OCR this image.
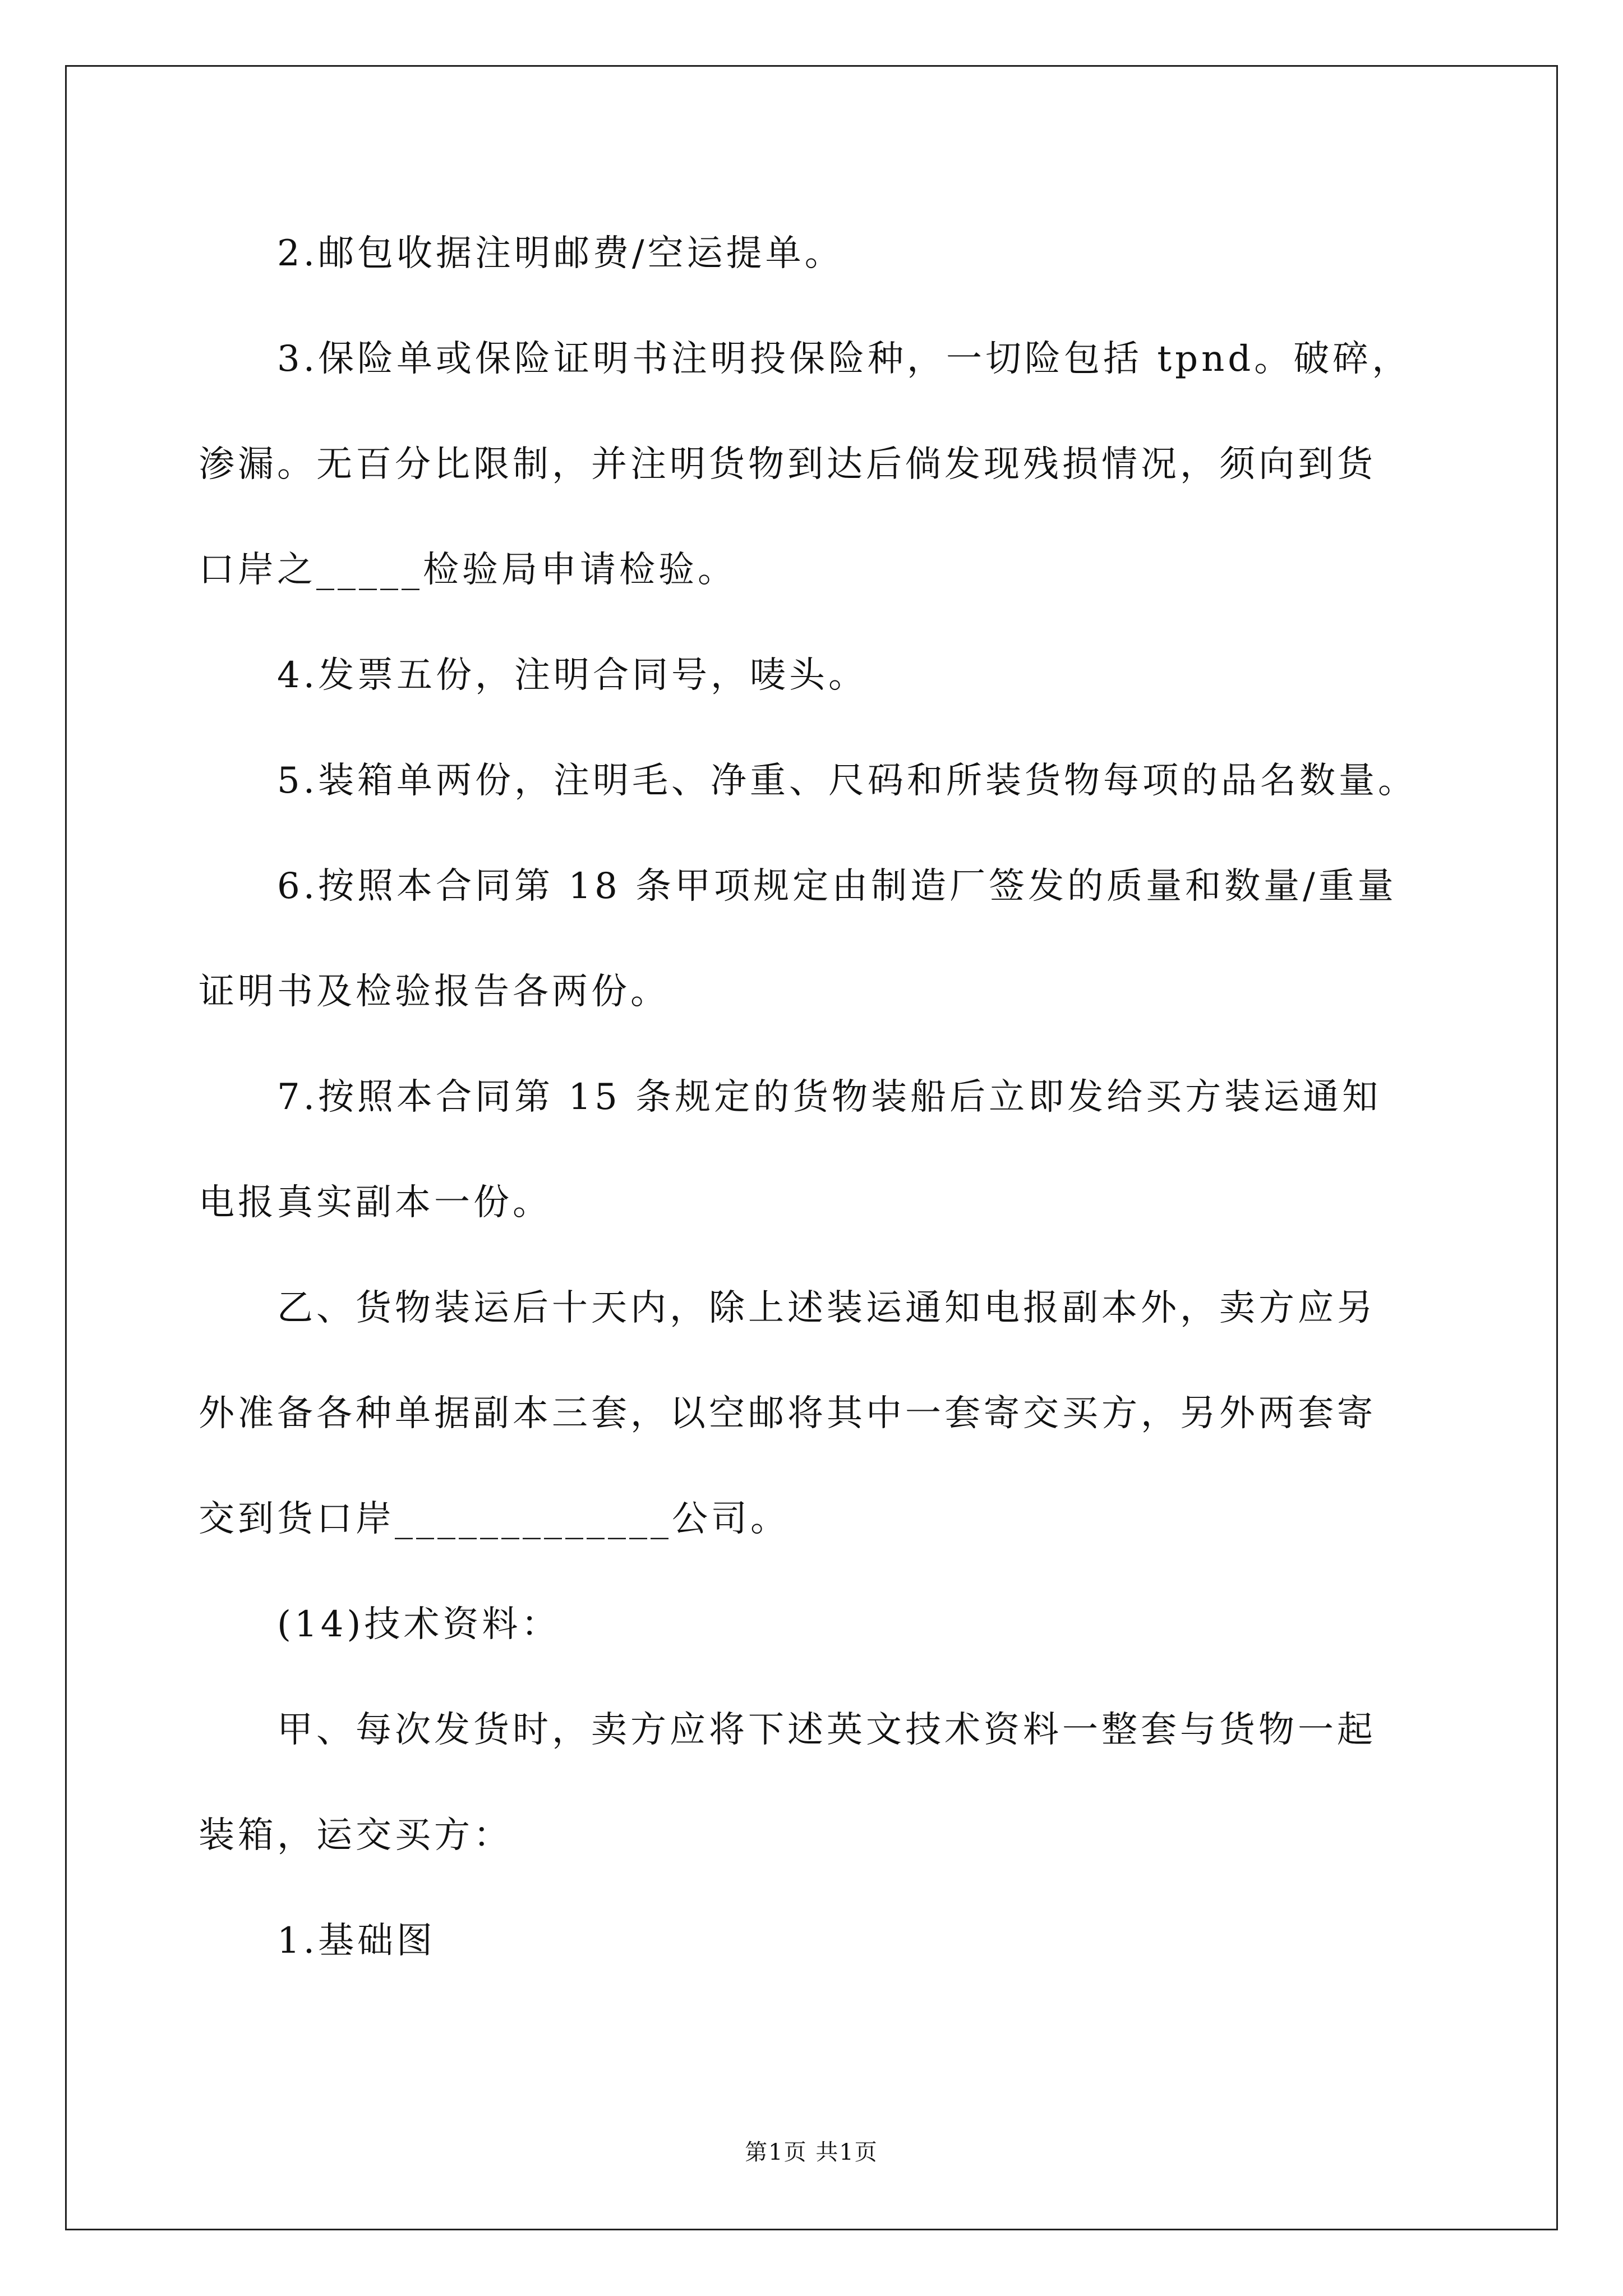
2.邮包收据注明邮费/空运提单。
3.保险单或保险证明书注明投保险种，一切险包括 tpnd。破碎，
渗漏。无百分比限制，并注明货物到达后倘发现残损情况，须向到货
口岸之_____检验局申请检验。
4.发票五份，注明合同号，唛头。
5.装箱单两份，注明毛、净重、尺码和所装货物每项的品名数量。
6.按照本合同第 18 条甲项规定由制造厂签发的质量和数量/重量
证明书及检验报告各两份。
7.按照本合同第 15 条规定的货物装船后立即发给买方装运通知
电报真实副本一份。
乙、货物装运后十天内，除上述装运通知电报副本外，卖方应另
外准备各种单据副本三套，以空邮将其中一套寄交买方，另外两套寄
交到货口岸_____________公司。
(14)技术资料：
甲、每次发货时，卖方应将下述英文技术资料一整套与货物一起
装箱，运交买方：
1.基础图
第1页 共1页
